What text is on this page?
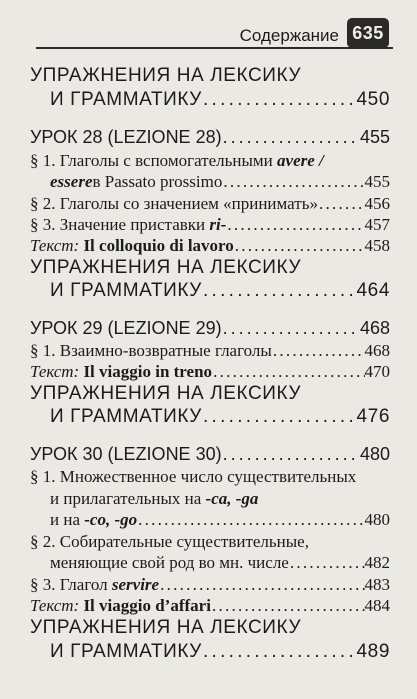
Содержание 635
УПРАЖНЕНИЯ НА ЛЕКСИКУ
И ГРАММАТИКУ . . .	450
УРОК 28 (LEZIONE 28) . . .	455
§ 1. Глаголы с вспомогательными
avere /
essere в Passato prossimo . . .	455
§ 2. Глаголы со значением «принимать» . . .	456
§ 3. Значение приставки
ri- . . .	457
Текст:
Il colloquio di lavoro . . .	458
УПРАЖНЕНИЯ НА ЛЕКСИКУ
И ГРАММАТИКУ . . .	464
УРОК 29 (LEZIONE 29) . . .	468
§ 1. Взаимно-возвратные глаголы . . .	468
Текст:
Il viaggio in treno . . .	470
УПРАЖНЕНИЯ НА ЛЕКСИКУ
И ГРАММАТИКУ . . .	476
УРОК 30 (LEZIONE 30) . . .	480
§ 1. Множественное число существительных
и прилагательных на
-ca, -ga
и на
-co, -go . . .	480
§ 2. Собирательные существительные,
меняющие свой род во мн. числе . . .	482
§ 3. Глагол
servire . . .	483
Текст:
Il viaggio d’affari . . .	484
УПРАЖНЕНИЯ НА ЛЕКСИКУ
И ГРАММАТИКУ . . .	489
